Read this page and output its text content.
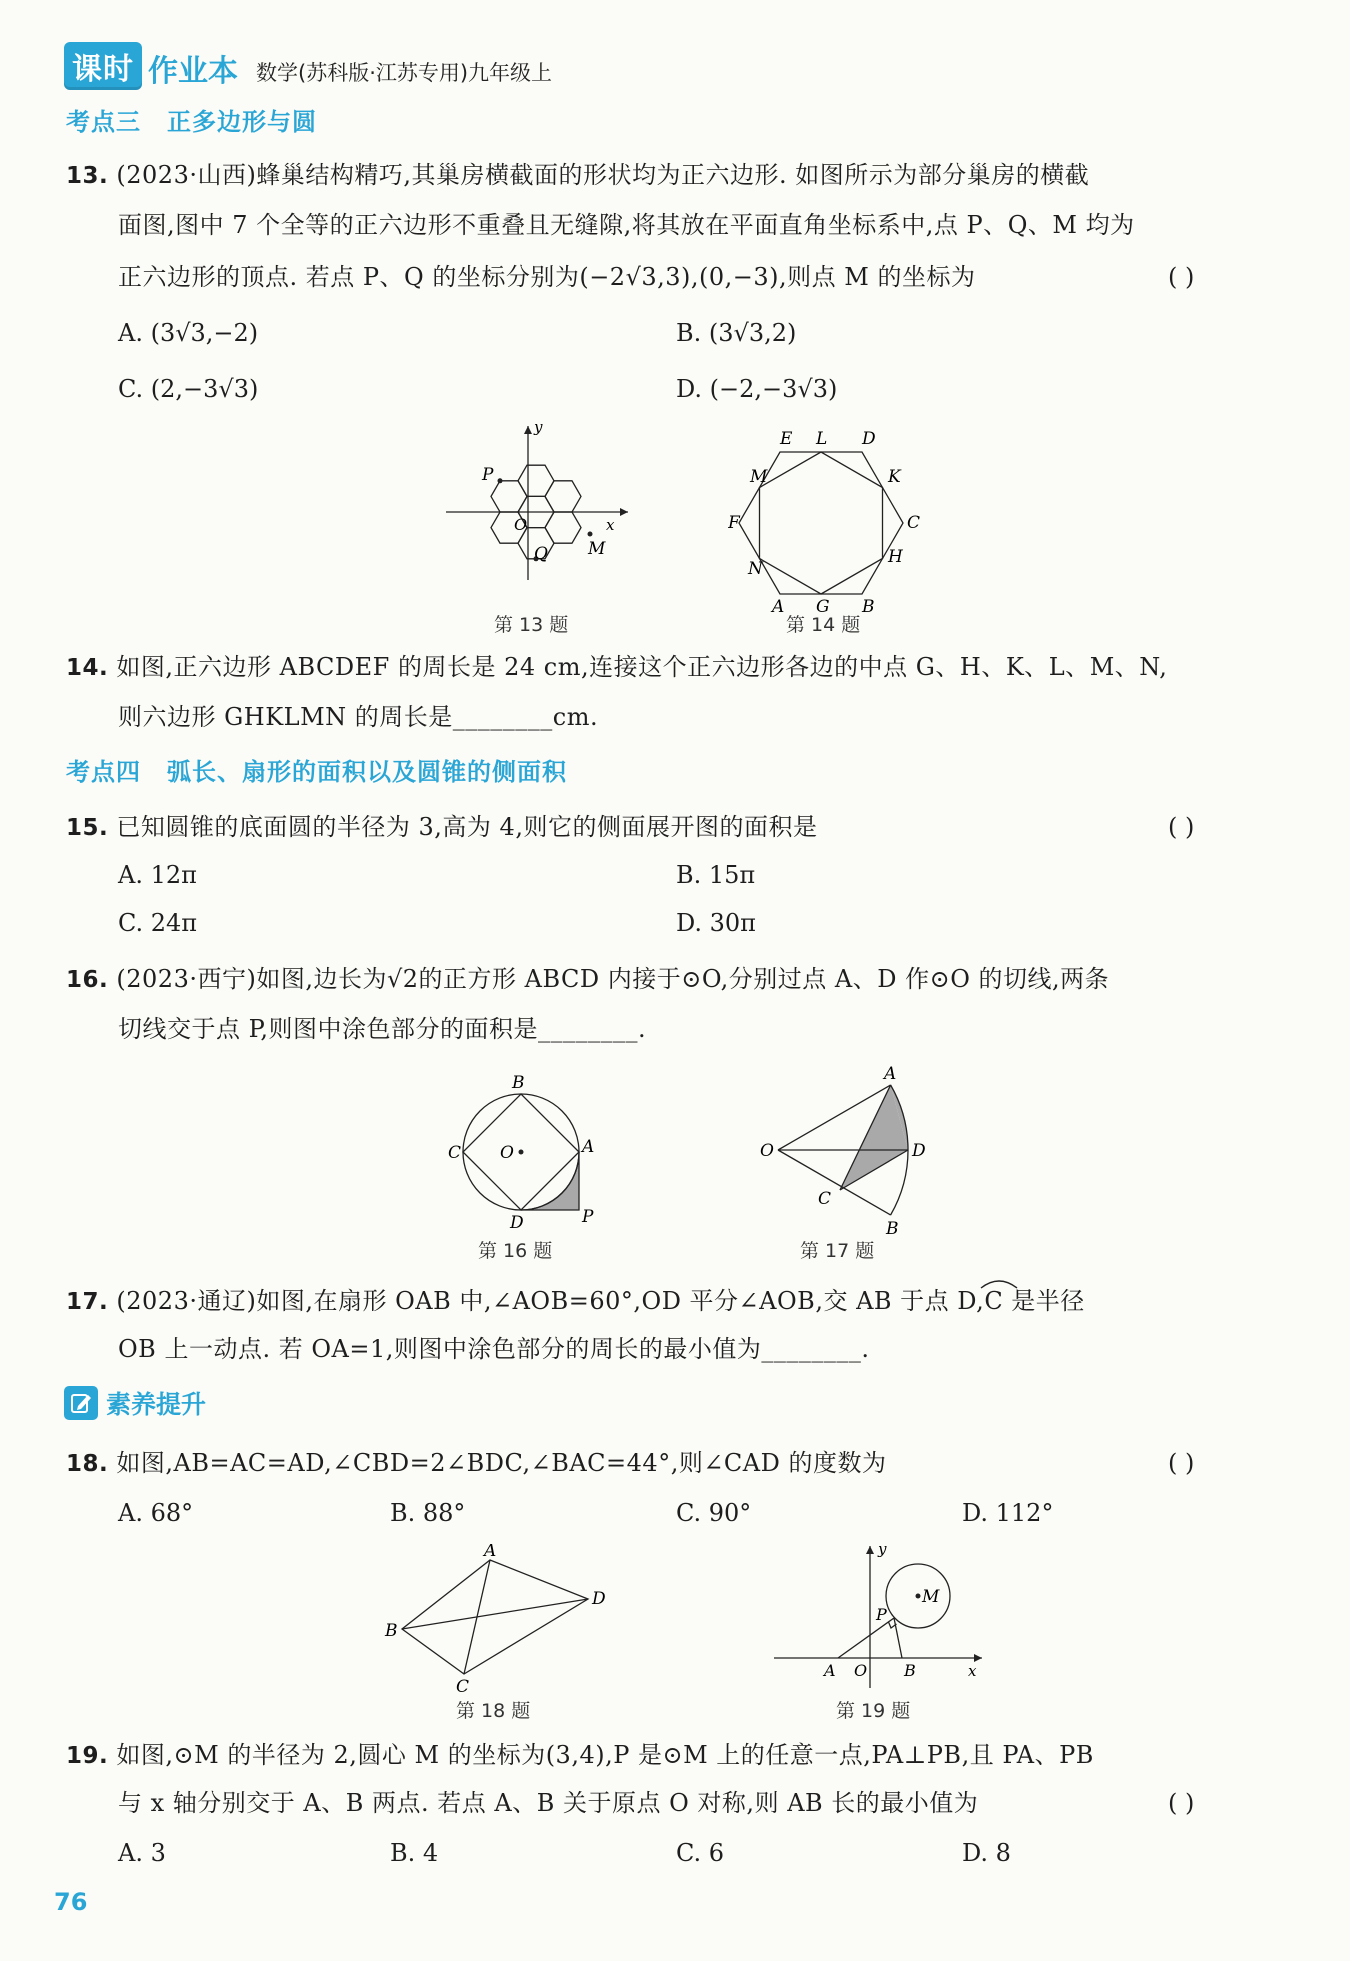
课时 作业本 数学(苏科版·江苏专用)九年级上
考点三 正多边形与圆
13. (2023·山西)蜂巢结构精巧,其巢房横截面的形状均为正六边形. 如图所示为部分巢房的横截
面图,图中 7 个全等的正六边形不重叠且无缝隙,将其放在平面直角坐标系中,点 P、Q、M 均为
正六边形的顶点. 若点 P、Q 的坐标分别为(−2√3,3),(0,−3),则点 M 的坐标为	( )
A. (3√3,−2)	B. (3√3,2)
C. (2,−3√3)	D. (−2,−3√3)
y
x
P
O
Q M
第 13 题
E L D
M	K
F	C
N
H
A G B
第 14 题
14. 如图,正六边形 ABCDEF 的周长是 24 cm,连接这个正六边形各边的中点 G、H、K、L、M、N,
则六边形 GHKLMN 的周长是________cm.
考点四 弧长、扇形的面积以及圆锥的侧面积
15. 已知圆锥的底面圆的半径为 3,高为 4,则它的侧面展开图的面积是	( )
A. 12π	B. 15π
C. 24π	D. 30π
16. (2023·西宁)如图,边长为√2的正方形 ABCD 内接于⊙O,分别过点 A、D 作⊙O 的切线,两条
切线交于点 P,则图中涂色部分的面积是________.
B
C O	A
D	P
第 16 题
A
O	D
C
B
第 17 题
17. (2023·通辽)如图,在扇形 OAB 中,∠AOB=60°,OD 平分∠AOB,交 AB 于点 D,C 是半径
OB 上一动点. 若 OA=1,则图中涂色部分的周长的最小值为________.
素养提升
18. 如图,AB=AC=AD,∠CBD=2∠BDC,∠BAC=44°,则∠CAD 的度数为	( )
A. 68°	B. 88°	C. 90°	D. 112°
A
B
D
C
第 18 题
y
M
P
A O B	x
第 19 题
19. 如图,⊙M 的半径为 2,圆心 M 的坐标为(3,4),P 是⊙M 上的任意一点,PA⊥PB,且 PA、PB
与 x 轴分别交于 A、B 两点. 若点 A、B 关于原点 O 对称,则 AB 长的最小值为	( )
A. 3	B. 4	C. 6	D. 8
76
